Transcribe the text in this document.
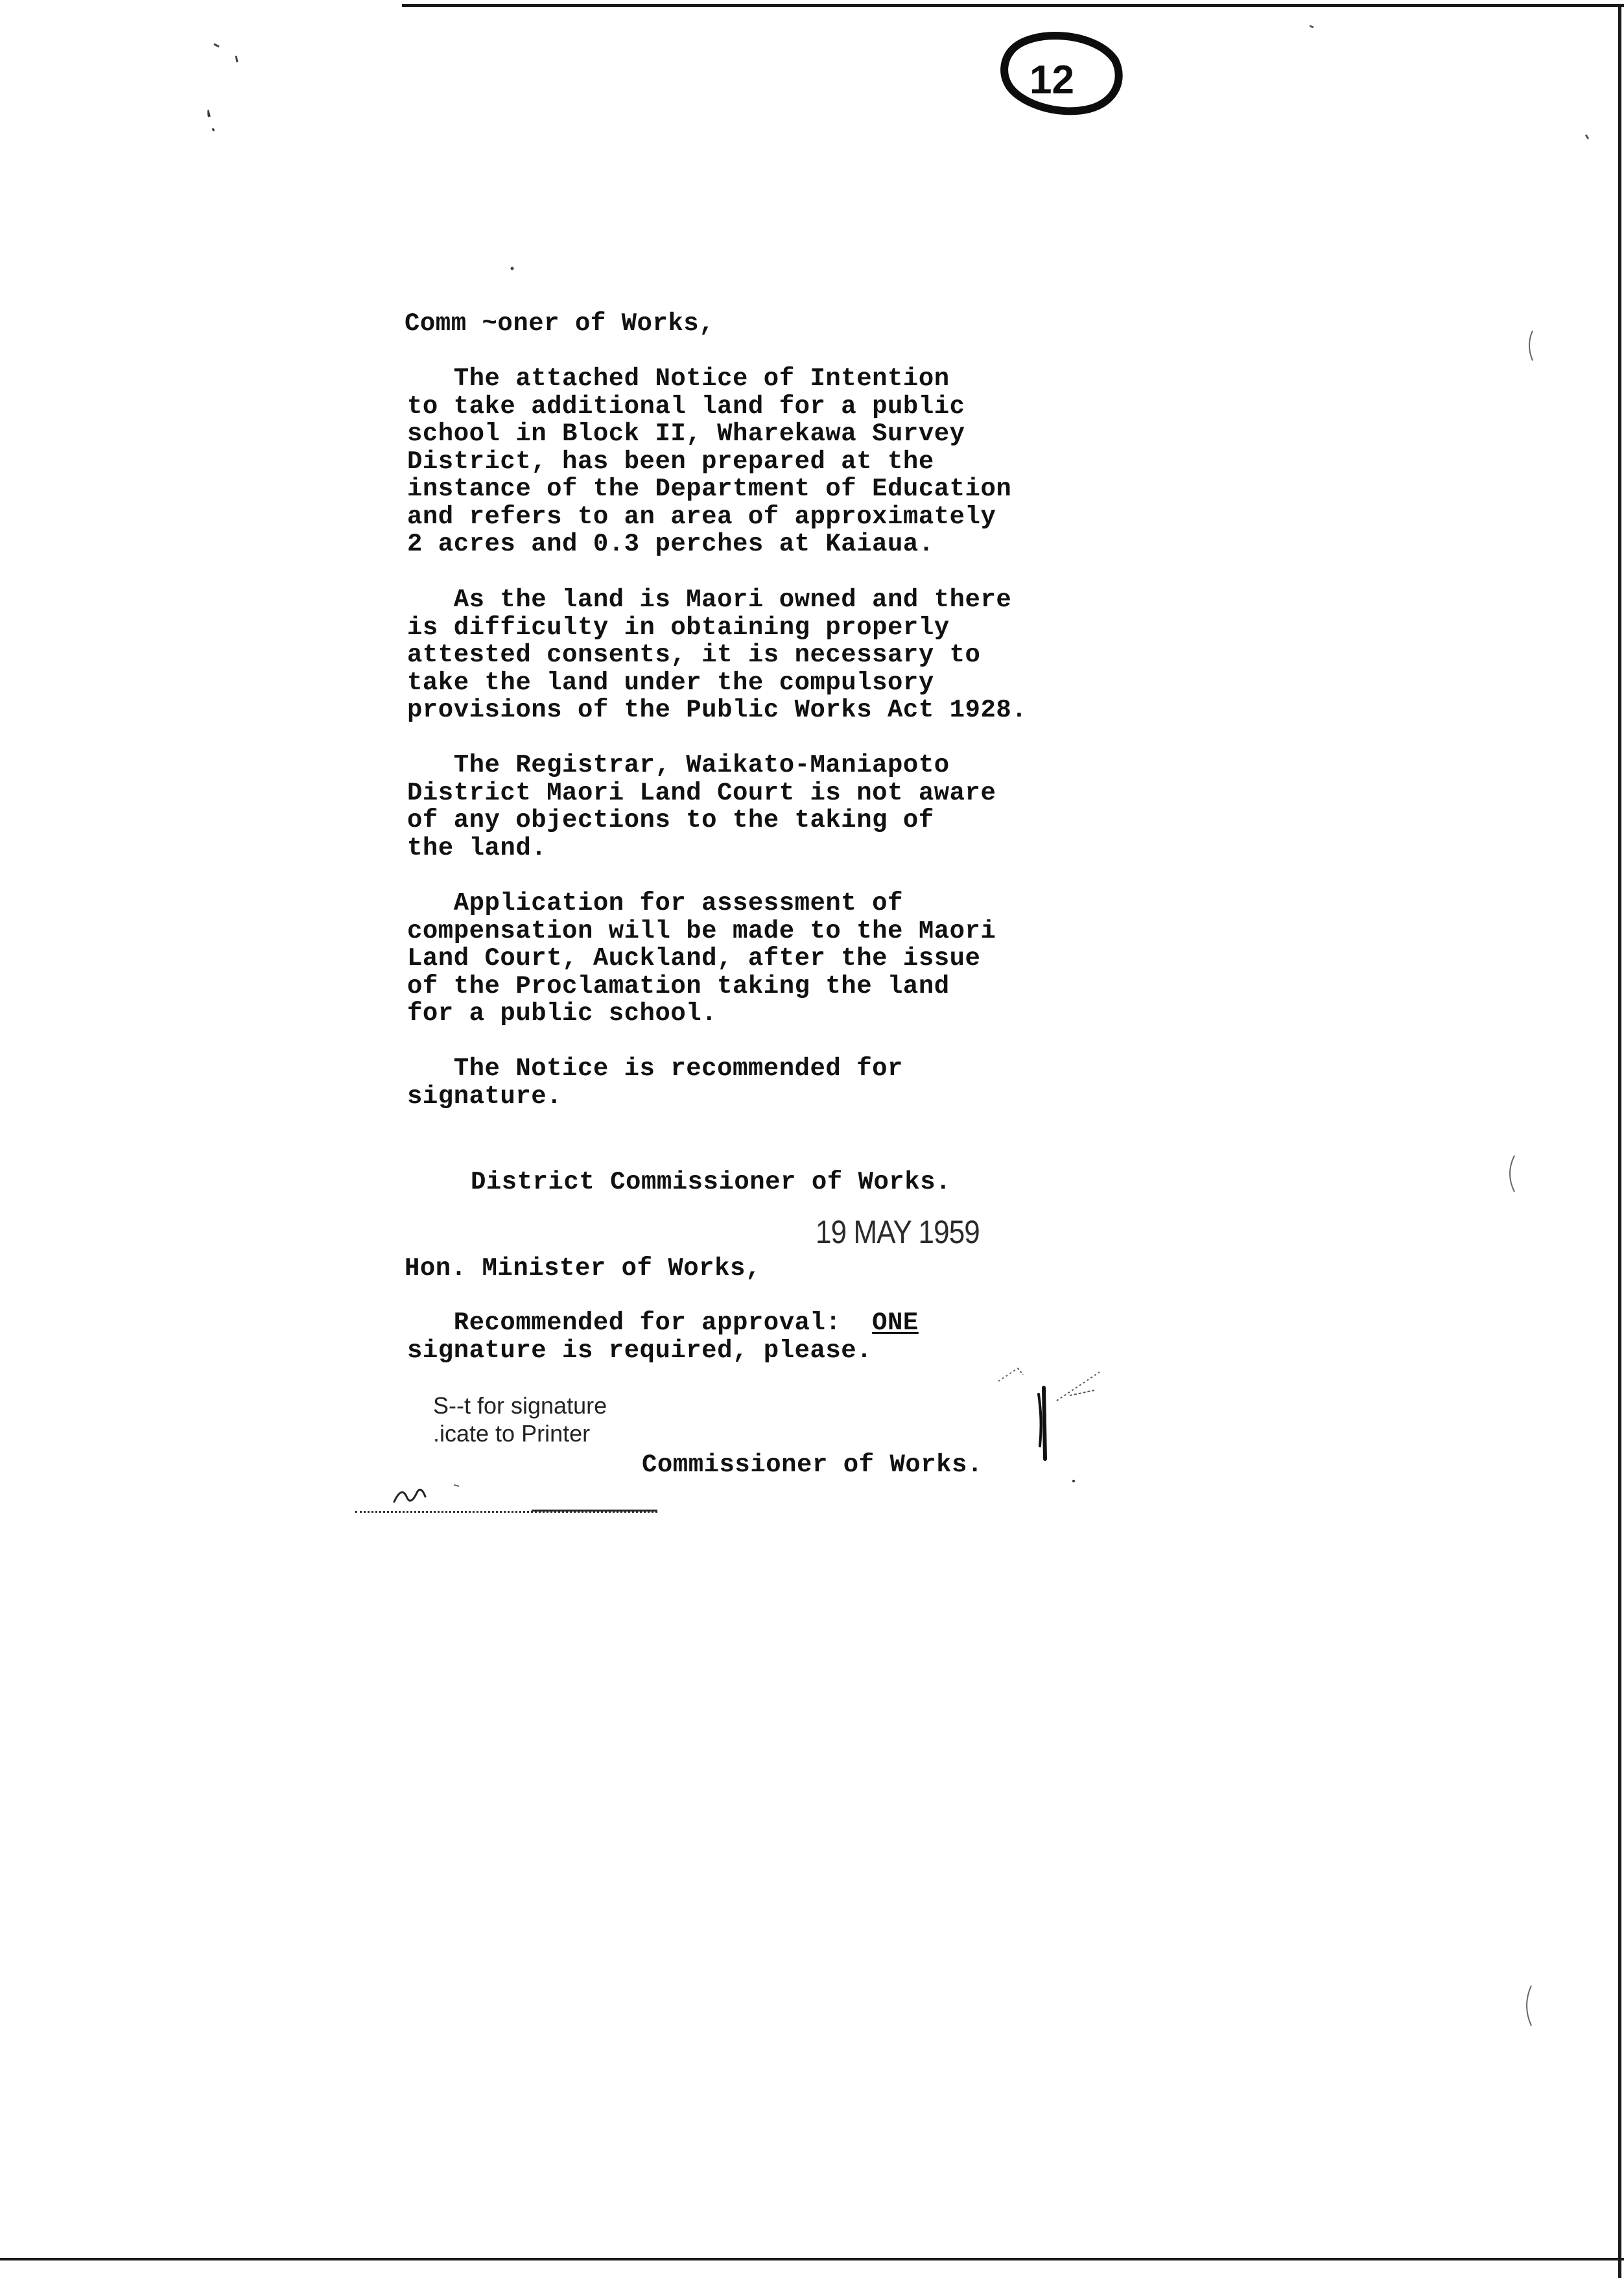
12
Comm ~oner of Works,
The attached Notice of Intention
to take additional land for a public
school in Block II, Wharekawa Survey
District, has been prepared at the
instance of the Department of Education
and refers to an area of approximately
2 acres and 0.3 perches at Kaiaua.
As the land is Maori owned and there
is difficulty in obtaining properly
attested consents, it is necessary to
take the land under the compulsory
provisions of the Public Works Act 1928.
The Registrar, Waikato-Maniapoto
District Maori Land Court is not aware
of any objections to the taking of
the land.
Application for assessment of
compensation will be made to the Maori
Land Court, Auckland, after the issue
of the Proclamation taking the land
for a public school.
The Notice is recommended for
signature.
District Commissioner of Works.
19 MAY 1959
Hon. Minister of Works,
Recommended for approval:  ONE
signature is required, please.
S--t for signature
.icate to Printer
Commissioner of Works.
